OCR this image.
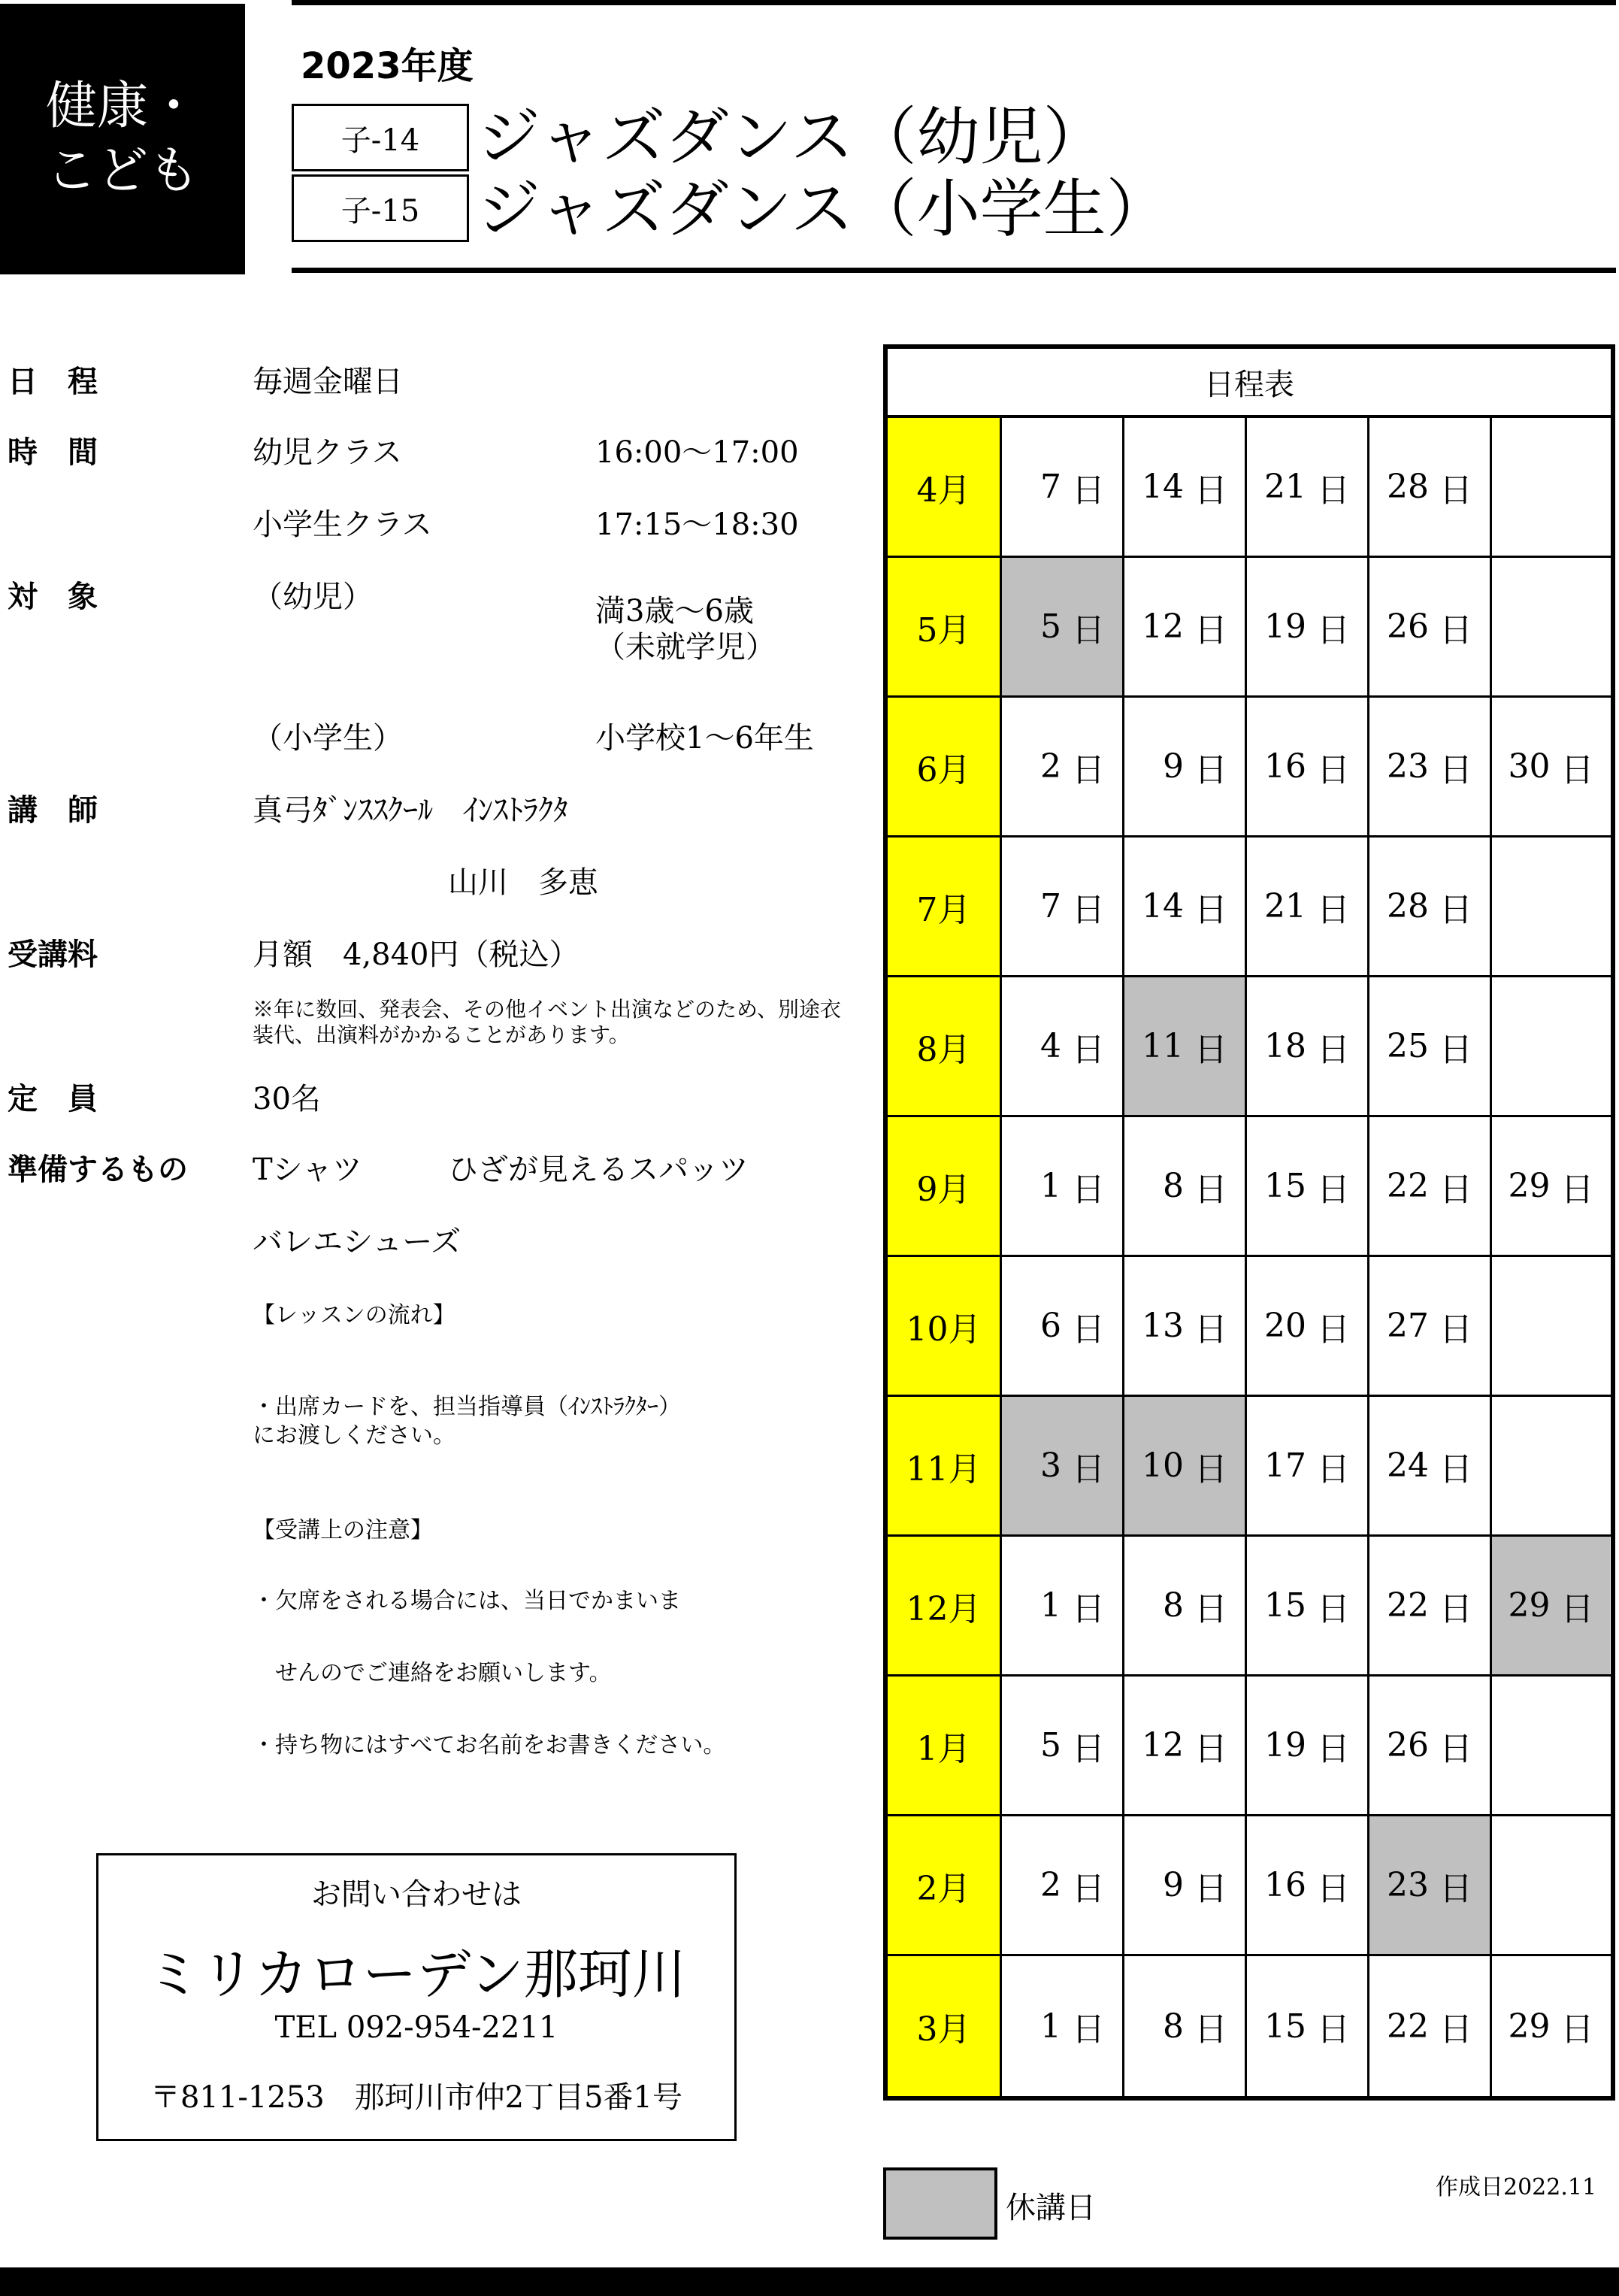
健康・
こども
2023年度
子-14
子-15
ジャズダンス（幼児）
ジャズダンス（小学生）
日　程	毎週金曜日
時　間	幼児クラス	16:00～17:00
小学生クラス	17:15～18:30
対　象	（幼児）	満3歳～6歳
（未就学児）
（小学生）	小学校1～6年生
講　師	真弓ﾀﾞﾝｽｽｸｰﾙ　ｲﾝｽﾄﾗｸﾀ
山川　多恵
受講料	月額　4,840円（税込）
※年に数回、発表会、その他イベント出演などのため、別途衣
装代、出演料がかかることがあります。
定　員	30名
準備するもの Tシャツ	ひざが見えるスパッツ
バレエシューズ
【レッスンの流れ】
・出席カードを、担当指導員（ｲﾝｽﾄﾗｸﾀｰ）
にお渡しください。
【受講上の注意】
・欠席をされる場合には、当日でかまいま
　せんのでご連絡をお願いします。
・持ち物にはすべてお名前をお書きください。
お問い合わせは
ミリカローデン那珂川
TEL 092-954-2211
〒811-1253　那珂川市仲2丁目5番1号
日程表
4月	7 日 14 日 21 日 28 日
5月	5 日 12 日 19 日 26 日
6月	2 日	9 日 16 日 23 日 30 日
7月	7 日 14 日 21 日 28 日
8月	4 日 11 日 18 日 25 日
9月	1 日	8 日 15 日 22 日 29 日
10月	6 日 13 日 20 日 27 日
11月	3 日 10 日 17 日 24 日
12月	1 日	8 日 15 日 22 日 29 日
1月	5 日 12 日 19 日 26 日
2月	2 日	9 日 16 日 23 日
3月	1 日	8 日 15 日 22 日 29 日
休講日
作成日2022.11
